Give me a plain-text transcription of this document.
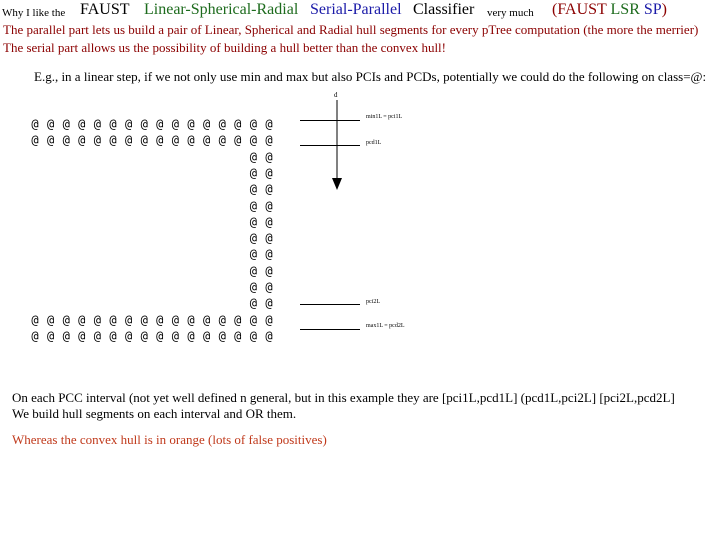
Why I like the FAUST Linear-Spherical-Radial Serial-Parallel Classifier very much (FAUST LSR SP)
The parallel part lets us build a pair of Linear, Spherical and Radial hull segments for every pTree computation (the more the merrier)
The serial part allows us the possibility of building a hull better than the convex hull!
E.g., in a linear step, if we not only use min and max but also PCIs and PCDs, potentially we could do the following on class=@:
@ @ @ @ @ @ @ @ @ @ @ @ @ @ @ @
@ @ @ @ @ @ @ @ @ @ @ @ @ @ @ @
@ @
@ @
@ @
@ @
@ @
@ @
@ @
@ @
@ @
@ @
@ @ @ @ @ @ @ @ @ @ @ @ @ @ @ @
@ @ @ @ @ @ @ @ @ @ @ @ @ @ @ @
d
min1L = pci1L
pcd1L
pci2L
max1L = pcd2L
On each PCC interval (not yet well defined n general, but in this example they are [pci1L,pcd1L] (pcd1L,pci2L] [pci2L,pcd2L]
We build hull segments on each interval and OR them.
Whereas the convex hull is in orange (lots of false positives)
